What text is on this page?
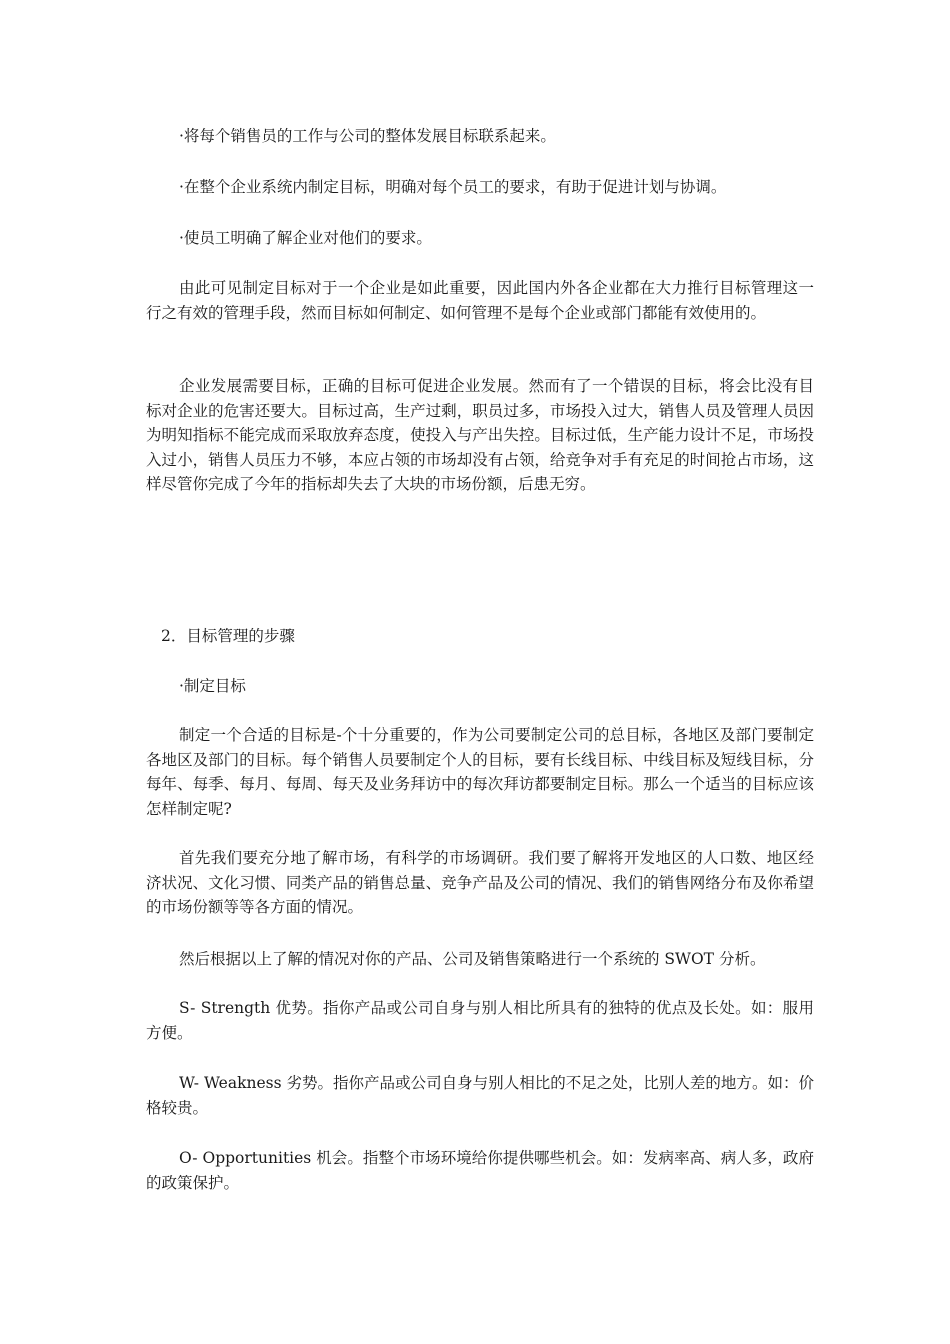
·将每个销售员的工作与公司的整体发展目标联系起来。

·在整个企业系统内制定目标，明确对每个员工的要求，有助于促进计划与协调。

·使员工明确了解企业对他们的要求。

由此可见制定目标对于一个企业是如此重要，因此国内外各企业都在大力推行目标管理这一行之有效的管理手段，然而目标如何制定、如何管理不是每个企业或部门都能有效使用的。

企业发展需要目标，正确的目标可促进企业发展。然而有了一个错误的目标，将会比没有目标对企业的危害还要大。目标过高，生产过剩，职员过多，市场投入过大，销售人员及管理人员因为明知指标不能完成而采取放弃态度，使投入与产出失控。目标过低，生产能力设计不足，市场投入过小，销售人员压力不够，本应占领的市场却没有占领，给竞争对手有充足的时间抢占市场，这样尽管你完成了今年的指标却失去了大块的市场份额，后患无穷。

2．目标管理的步骤

·制定目标

制定一个合适的目标是-个十分重要的，作为公司要制定公司的总目标，各地区及部门要制定各地区及部门的目标。每个销售人员要制定个人的目标，要有长线目标、中线目标及短线目标，分每年、每季、每月、每周、每天及业务拜访中的每次拜访都要制定目标。那么一个适当的目标应该怎样制定呢?

首先我们要充分地了解市场，有科学的市场调研。我们要了解将开发地区的人口数、地区经济状况、文化习惯、同类产品的销售总量、竞争产品及公司的情况、我们的销售网络分布及你希望的市场份额等等各方面的情况。

然后根据以上了解的情况对你的产品、公司及销售策略进行一个系统的 SWOT 分析。

S- Strength 优势。指你产品或公司自身与别人相比所具有的独特的优点及长处。如：服用方便。

W- Weakness 劣势。指你产品或公司自身与别人相比的不足之处，比别人差的地方。如：价格较贵。

O- Opportunities 机会。指整个市场环境给你提供哪些机会。如：发病率高、病人多，政府的政策保护。
